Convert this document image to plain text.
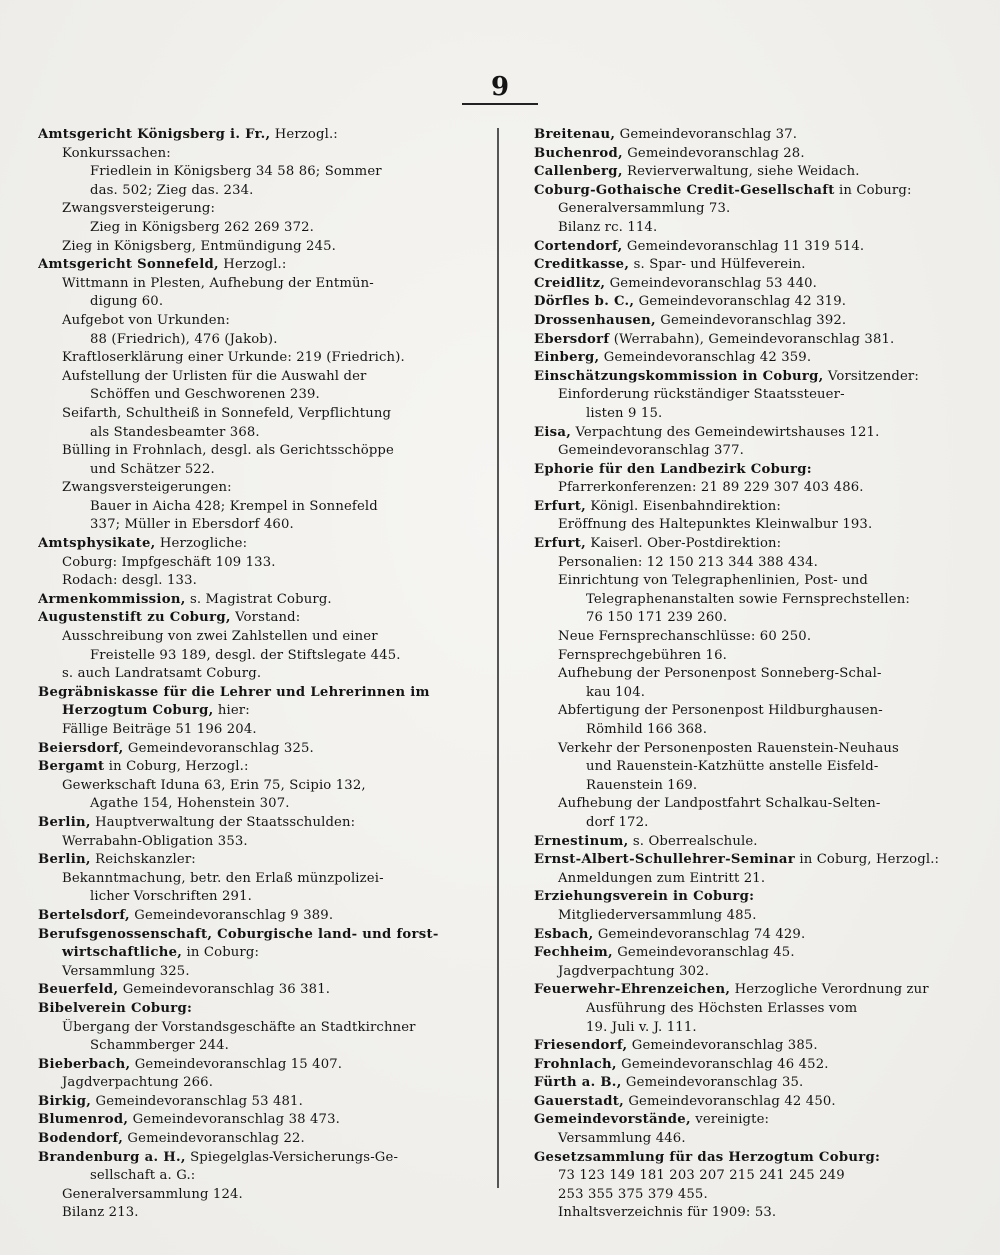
9
Amtsgericht Königsberg i. Fr., Herzogl.:
Konkurssachen:
Friedlein in Königsberg 34 58 86; Sommer
das. 502; Zieg das. 234.
Zwangsversteigerung:
Zieg in Königsberg 262 269 372.
Zieg in Königsberg, Entmündigung 245.
Amtsgericht Sonnefeld, Herzogl.:
Wittmann in Plesten, Aufhebung der Entmün-
digung 60.
Aufgebot von Urkunden:
88 (Friedrich), 476 (Jakob).
Kraftloserklärung einer Urkunde: 219 (Friedrich).
Aufstellung der Urlisten für die Auswahl der
Schöffen und Geschworenen 239.
Seifarth, Schultheiß in Sonnefeld, Verpflichtung
als Standesbeamter 368.
Bülling in Frohnlach, desgl. als Gerichtsschöppe
und Schätzer 522.
Zwangsversteigerungen:
Bauer in Aicha 428; Krempel in Sonnefeld
337; Müller in Ebersdorf 460.
Amtsphysikate, Herzogliche:
Coburg: Impfgeschäft 109 133.
Rodach: desgl. 133.
Armenkommission, s. Magistrat Coburg.
Augustenstift zu Coburg, Vorstand:
Ausschreibung von zwei Zahlstellen und einer
Freistelle 93 189, desgl. der Stiftslegate 445.
s. auch Landratsamt Coburg.
Begräbniskasse für die Lehrer und Lehrerinnen im
Herzogtum Coburg, hier:
Fällige Beiträge 51 196 204.
Beiersdorf, Gemeindevoranschlag 325.
Bergamt in Coburg, Herzogl.:
Gewerkschaft Iduna 63, Erin 75, Scipio 132,
Agathe 154, Hohenstein 307.
Berlin, Hauptverwaltung der Staatsschulden:
Werrabahn-Obligation 353.
Berlin, Reichskanzler:
Bekanntmachung, betr. den Erlaß münzpolizei-
licher Vorschriften 291.
Bertelsdorf, Gemeindevoranschlag 9 389.
Berufsgenossenschaft, Coburgische land- und forst-
wirtschaftliche, in Coburg:
Versammlung 325.
Beuerfeld, Gemeindevoranschlag 36 381.
Bibelverein Coburg:
Übergang der Vorstandsgeschäfte an Stadtkirchner
Schammberger 244.
Bieberbach, Gemeindevoranschlag 15 407.
Jagdverpachtung 266.
Birkig, Gemeindevoranschlag 53 481.
Blumenrod, Gemeindevoranschlag 38 473.
Bodendorf, Gemeindevoranschlag 22.
Brandenburg a. H., Spiegelglas-Versicherungs-Ge-
sellschaft a. G.:
Generalversammlung 124.
Bilanz 213.
Breitenau, Gemeindevoranschlag 37.
Buchenrod, Gemeindevoranschlag 28.
Callenberg, Revierverwaltung, siehe Weidach.
Coburg-Gothaische Credit-Gesellschaft in Coburg:
Generalversammlung 73.
Bilanz rc. 114.
Cortendorf, Gemeindevoranschlag 11 319 514.
Creditkasse, s. Spar- und Hülfeverein.
Creidlitz, Gemeindevoranschlag 53 440.
Dörfles b. C., Gemeindevoranschlag 42 319.
Drossenhausen, Gemeindevoranschlag 392.
Ebersdorf (Werrabahn), Gemeindevoranschlag 381.
Einberg, Gemeindevoranschlag 42 359.
Einschätzungskommission in Coburg, Vorsitzender:
Einforderung rückständiger Staatssteuer-
listen 9 15.
Eisa, Verpachtung des Gemeindewirtshauses 121.
Gemeindevoranschlag 377.
Ephorie für den Landbezirk Coburg:
Pfarrerkonferenzen: 21 89 229 307 403 486.
Erfurt, Königl. Eisenbahndirektion:
Eröffnung des Haltepunktes Kleinwalbur 193.
Erfurt, Kaiserl. Ober-Postdirektion:
Personalien: 12 150 213 344 388 434.
Einrichtung von Telegraphenlinien, Post- und
Telegraphenanstalten sowie Fernsprechstellen:
76 150 171 239 260.
Neue Fernsprechanschlüsse: 60 250.
Fernsprechgebühren 16.
Aufhebung der Personenpost Sonneberg-Schal-
kau 104.
Abfertigung der Personenpost Hildburghausen-
Römhild 166 368.
Verkehr der Personenposten Rauenstein-Neuhaus
und Rauenstein-Katzhütte anstelle Eisfeld-
Rauenstein 169.
Aufhebung der Landpostfahrt Schalkau-Selten-
dorf 172.
Ernestinum, s. Oberrealschule.
Ernst-Albert-Schullehrer-Seminar in Coburg, Herzogl.:
Anmeldungen zum Eintritt 21.
Erziehungsverein in Coburg:
Mitgliederversammlung 485.
Esbach, Gemeindevoranschlag 74 429.
Fechheim, Gemeindevoranschlag 45.
Jagdverpachtung 302.
Feuerwehr-Ehrenzeichen, Herzogliche Verordnung zur
Ausführung des Höchsten Erlasses vom
19. Juli v. J. 111.
Friesendorf, Gemeindevoranschlag 385.
Frohnlach, Gemeindevoranschlag 46 452.
Fürth a. B., Gemeindevoranschlag 35.
Gauerstadt, Gemeindevoranschlag 42 450.
Gemeindevorstände, vereinigte:
Versammlung 446.
Gesetzsammlung für das Herzogtum Coburg:
73 123 149 181 203 207 215 241 245 249
253 355 375 379 455.
Inhaltsverzeichnis für 1909: 53.
